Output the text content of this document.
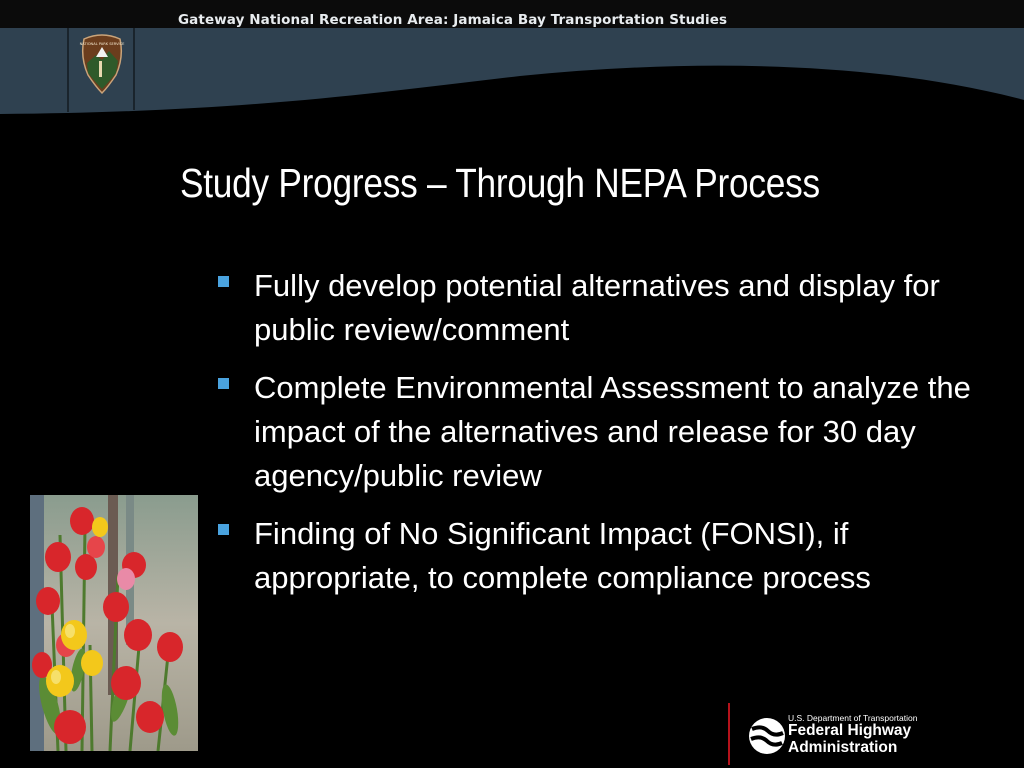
Gateway National Recreation Area: Jamaica Bay Transportation Studies
NATIONAL PARK SERVICE
Study Progress – Through NEPA Process
Fully develop potential alternatives and display for public review/comment
Complete Environmental Assessment to analyze the impact of the alternatives and release for 30 day agency/public review
Finding of No Significant Impact (FONSI), if appropriate, to complete compliance process
U.S. Department of Transportation
Federal Highway
Administration
